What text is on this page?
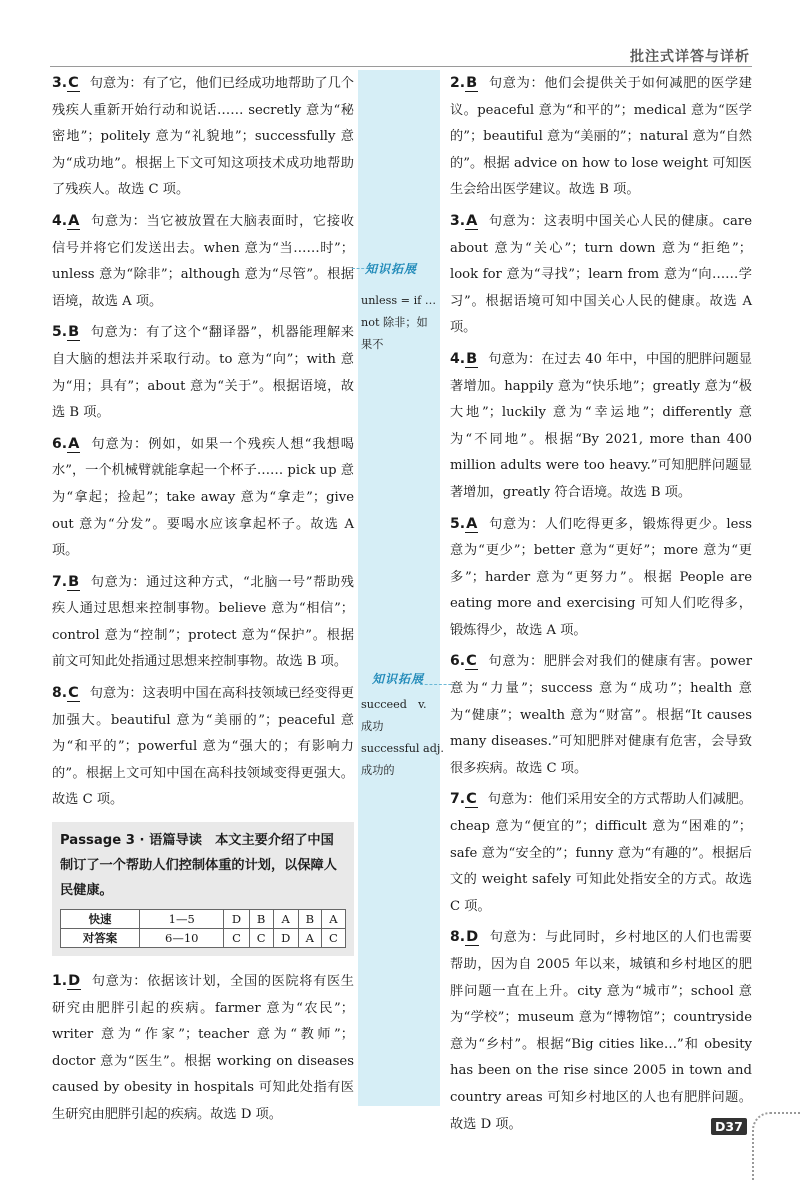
批注式详答与详析
3.C 句意为：有了它，他们已经成功地帮助了几个残疾人重新开始行动和说话…… secretly 意为“秘密地”；politely 意为“礼貌地”；successfully 意为“成功地”。根据上下文可知这项技术成功地帮助了残疾人。故选 C 项。
4.A 句意为：当它被放置在大脑表面时，它接收信号并将它们发送出去。when 意为“当……时”；unless 意为“除非”；although 意为“尽管”。根据语境，故选 A 项。
5.B 句意为：有了这个“翻译器”，机器能理解来自大脑的想法并采取行动。to 意为“向”；with 意为“用；具有”；about 意为“关于”。根据语境，故选 B 项。
6.A 句意为：例如，如果一个残疾人想“我想喝水”，一个机械臂就能拿起一个杯子…… pick up 意为“拿起；捡起”；take away 意为“拿走”；give out 意为“分发”。要喝水应该拿起杯子。故选 A 项。
7.B 句意为：通过这种方式，“北脑一号”帮助残疾人通过思想来控制事物。believe 意为“相信”；control 意为“控制”；protect 意为“保护”。根据前文可知此处指通过思想来控制事物。故选 B 项。
8.C 句意为：这表明中国在高科技领域已经变得更加强大。beautiful 意为“美丽的”；peaceful 意为“和平的”；powerful 意为“强大的；有影响力的”。根据上文可知中国在高科技领域变得更强大。故选 C 项。
Passage 3 · 语篇导读　本文主要介绍了中国制订了一个帮助人们控制体重的计划，以保障人民健康。
快速	1—5	D	B	A	B	A
对答案	6—10	C	C	D	A	C
1.D 句意为：依据该计划，全国的医院将有医生研究由肥胖引起的疾病。farmer 意为“农民”；writer 意为“作家”；teacher 意为“教师”；doctor 意为“医生”。根据 working on diseases caused by obesity in hospitals 可知此处指有医生研究由肥胖引起的疾病。故选 D 项。
知识拓展
unless = if …
not 除非；如
果不
知识拓展
succeed　v.
成功
successful adj.
成功的
2.B 句意为：他们会提供关于如何减肥的医学建议。peaceful 意为“和平的”；medical 意为“医学的”；beautiful 意为“美丽的”；natural 意为“自然的”。根据 advice on how to lose weight 可知医生会给出医学建议。故选 B 项。
3.A 句意为：这表明中国关心人民的健康。care about 意为“关心”；turn down 意为“拒绝”；look for 意为“寻找”；learn from 意为“向……学习”。根据语境可知中国关心人民的健康。故选 A 项。
4.B 句意为：在过去 40 年中，中国的肥胖问题显著增加。happily 意为“快乐地”；greatly 意为“极大地”；luckily 意为“幸运地”；differently 意为“不同地”。根据“By 2021, more than 400 million adults were too heavy.”可知肥胖问题显著增加，greatly 符合语境。故选 B 项。
5.A 句意为：人们吃得更多，锻炼得更少。less 意为“更少”；better 意为“更好”；more 意为“更多”；harder 意为“更努力”。根据 People are eating more and exercising 可知人们吃得多，锻炼得少，故选 A 项。
6.C 句意为：肥胖会对我们的健康有害。power 意为“力量”；success 意为“成功”；health 意为“健康”；wealth 意为“财富”。根据“It causes many diseases.”可知肥胖对健康有危害，会导致很多疾病。故选 C 项。
7.C 句意为：他们采用安全的方式帮助人们减肥。cheap 意为“便宜的”；difficult 意为“困难的”；safe 意为“安全的”；funny 意为“有趣的”。根据后文的 weight safely 可知此处指安全的方式。故选 C 项。
8.D 句意为：与此同时，乡村地区的人们也需要帮助，因为自 2005 年以来，城镇和乡村地区的肥胖问题一直在上升。city 意为“城市”；school 意为“学校”；museum 意为“博物馆”；countryside 意为“乡村”。根据“Big cities like…”和 obesity has been on the rise since 2005 in town and country areas 可知乡村地区的人也有肥胖问题。故选 D 项。	D37
